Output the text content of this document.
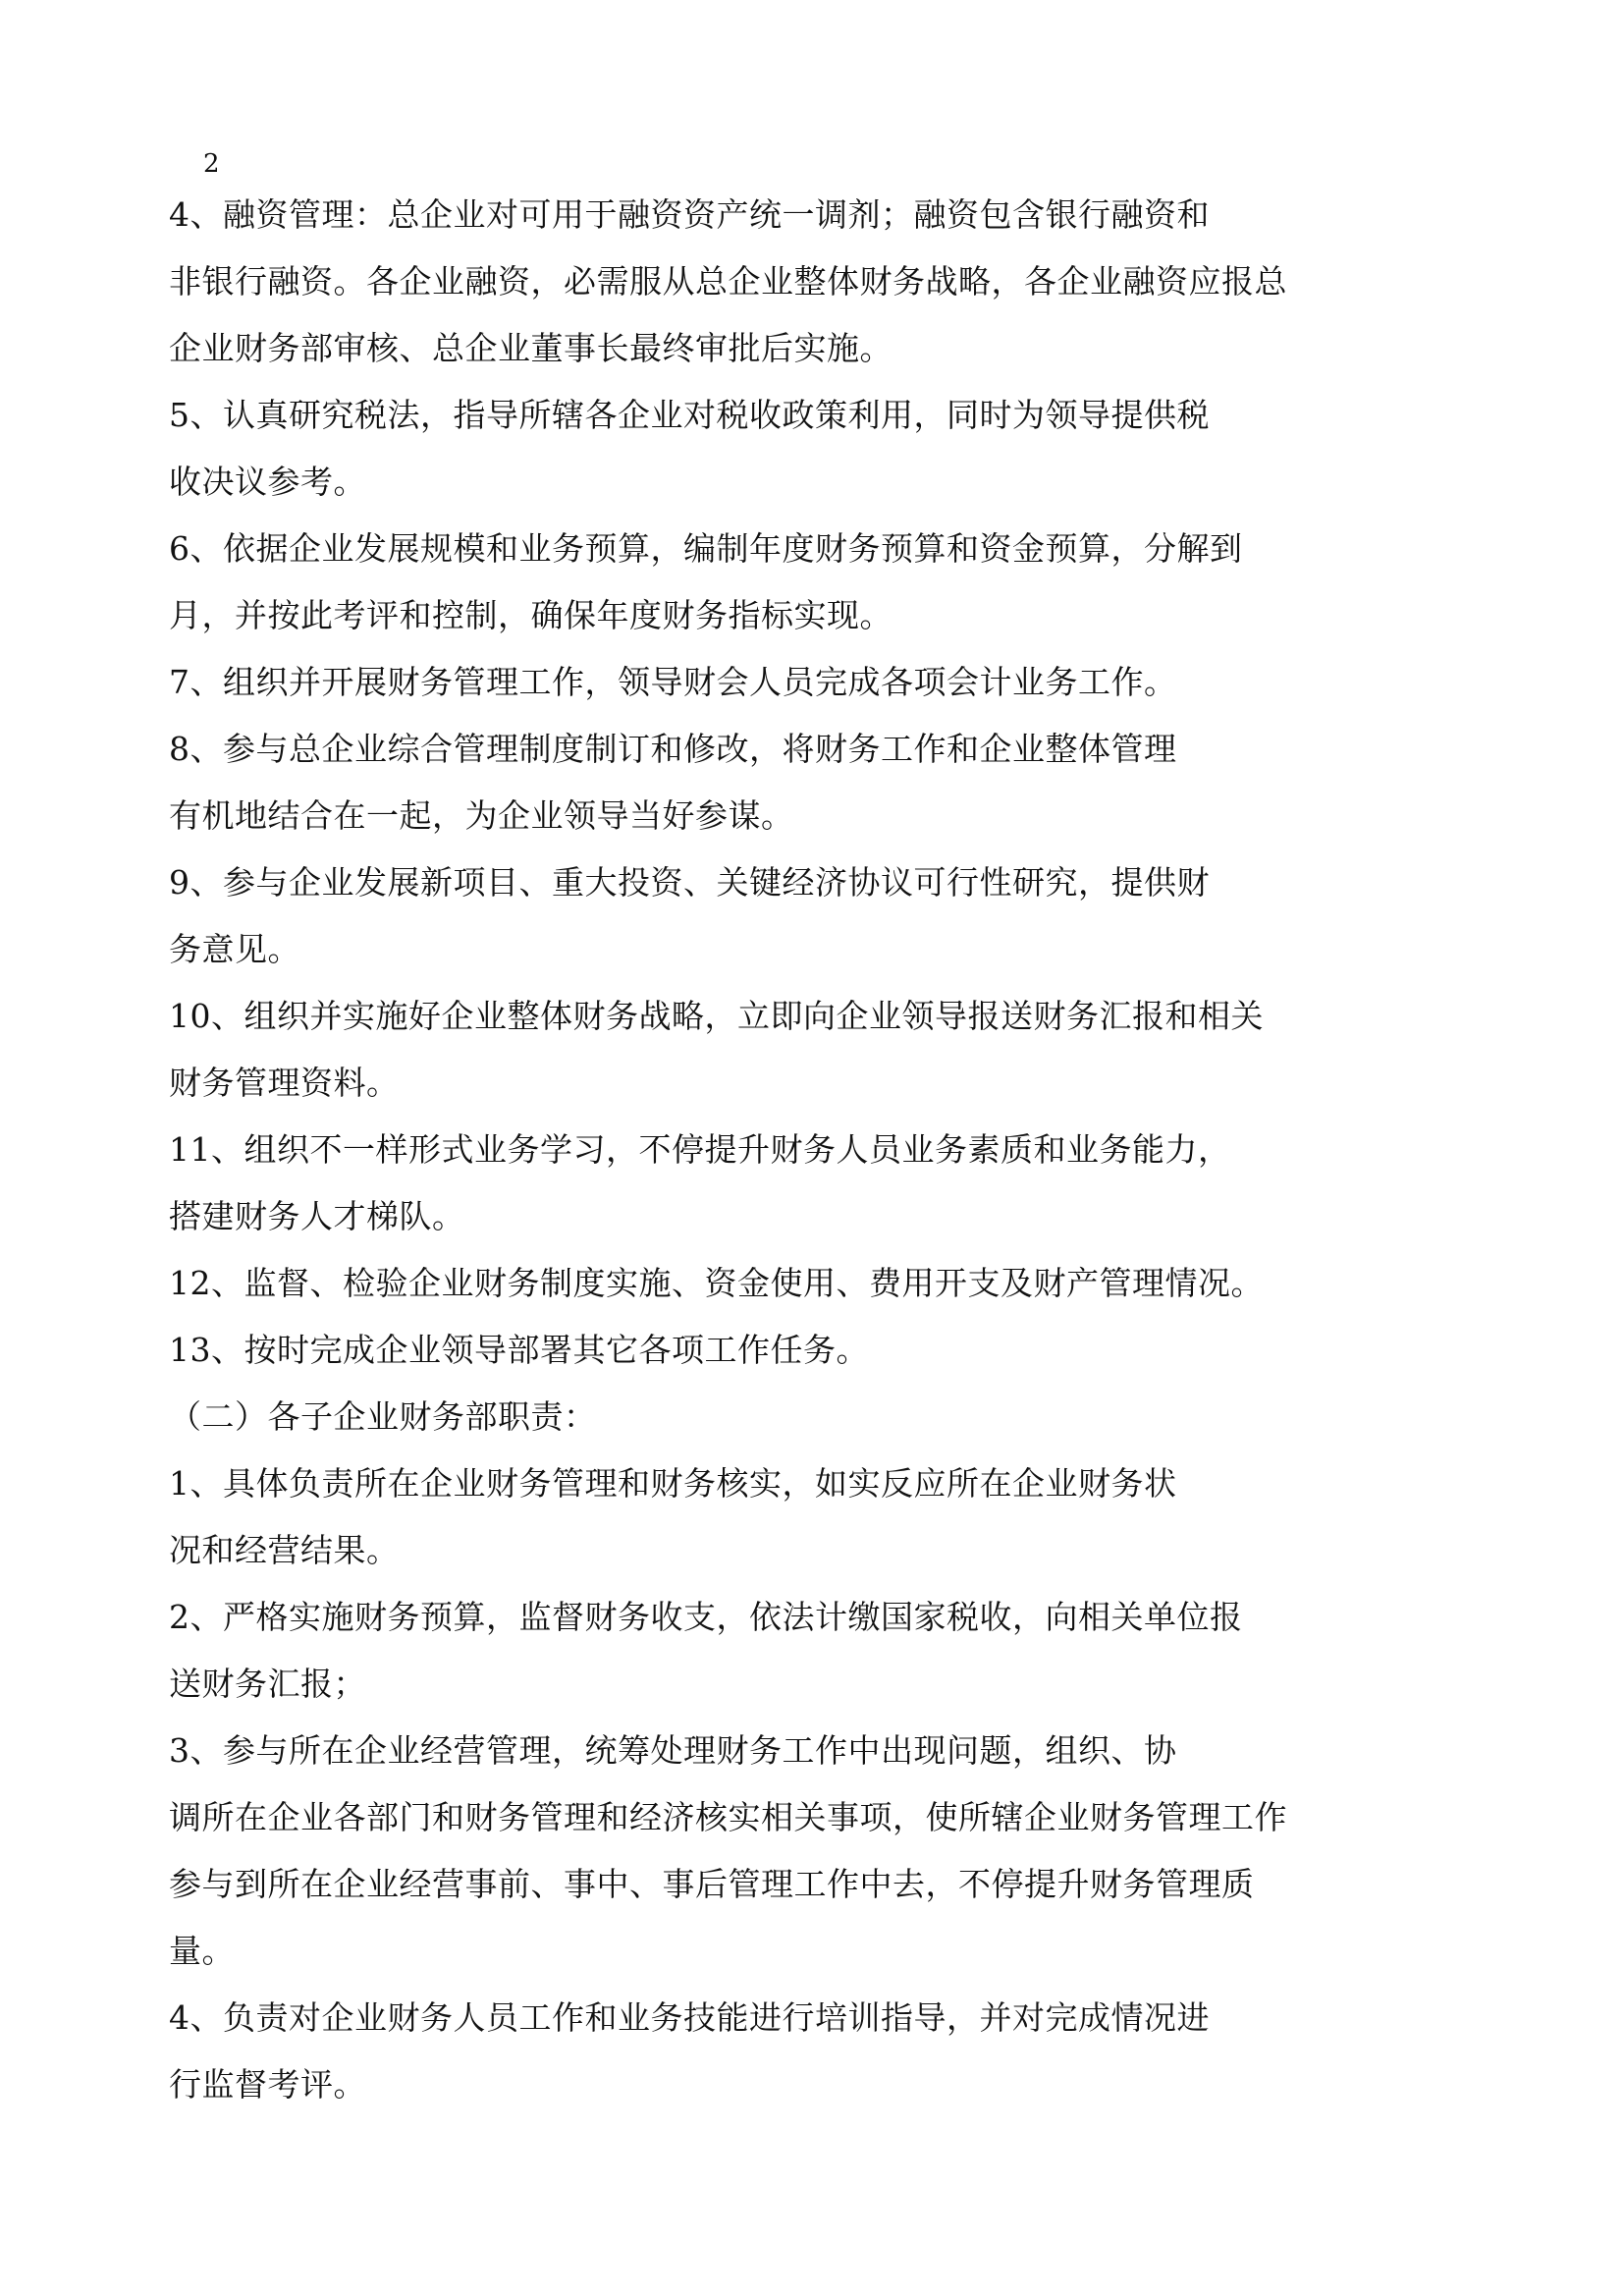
2
4、融资管理：总企业对可用于融资资产统一调剂；融资包含银行融资和
非银行融资。各企业融资，必需服从总企业整体财务战略，各企业融资应报总
企业财务部审核、总企业董事长最终审批后实施。
5、认真研究税法，指导所辖各企业对税收政策利用，同时为领导提供税
收决议参考。
6、依据企业发展规模和业务预算，编制年度财务预算和资金预算，分解到
月，并按此考评和控制，确保年度财务指标实现。
7、组织并开展财务管理工作，领导财会人员完成各项会计业务工作。
8、参与总企业综合管理制度制订和修改，将财务工作和企业整体管理
有机地结合在一起，为企业领导当好参谋。
9、参与企业发展新项目、重大投资、关键经济协议可行性研究，提供财
务意见。
10、组织并实施好企业整体财务战略，立即向企业领导报送财务汇报和相关
财务管理资料。
11、组织不一样形式业务学习，不停提升财务人员业务素质和业务能力，
搭建财务人才梯队。
12、监督、检验企业财务制度实施、资金使用、费用开支及财产管理情况。
13、按时完成企业领导部署其它各项工作任务。
（二）各子企业财务部职责：
1、具体负责所在企业财务管理和财务核实，如实反应所在企业财务状
况和经营结果。
2、严格实施财务预算，监督财务收支，依法计缴国家税收，向相关单位报
送财务汇报；
3、参与所在企业经营管理，统筹处理财务工作中出现问题，组织、协
调所在企业各部门和财务管理和经济核实相关事项，使所辖企业财务管理工作
参与到所在企业经营事前、事中、事后管理工作中去，不停提升财务管理质
量。
4、负责对企业财务人员工作和业务技能进行培训指导，并对完成情况进
行监督考评。
